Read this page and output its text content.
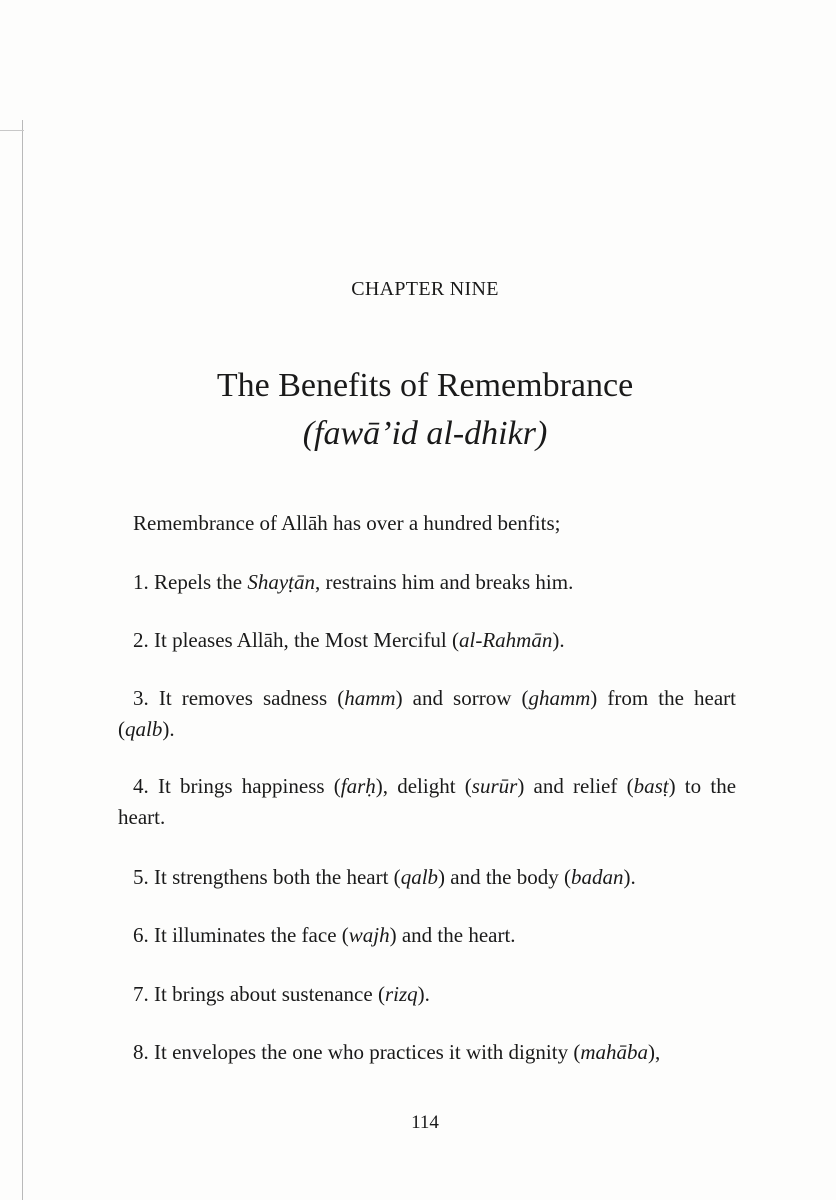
CHAPTER NINE
The Benefits of Remembrance
(fawā’id al-dhikr)
Remembrance of Allāh has over a hundred benfits;
1. Repels the Shayṭān, restrains him and breaks him.
2. It pleases Allāh, the Most Merciful (al-Rahmān).
3. It removes sadness (hamm) and sorrow (ghamm) from the heart (qalb).
4. It brings happiness (farḥ), delight (surūr) and relief (basṭ) to the heart.
5. It strengthens both the heart (qalb) and the body (badan).
6. It illuminates the face (wajh) and the heart.
7. It brings about sustenance (rizq).
8. It envelopes the one who practices it with dignity (mahāba),
114
